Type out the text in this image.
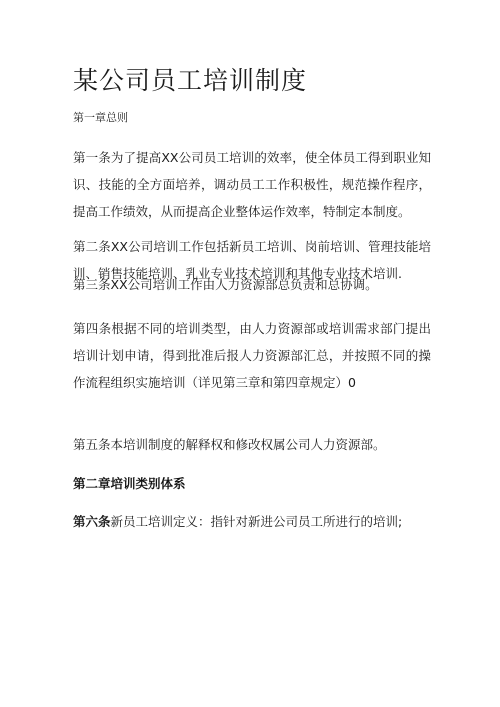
某公司员工培训制度

第一章总则

第一条为了提高XX公司员工培训的效率，使全体员工得到职业知识、技能的全方面培养，调动员工工作积极性，规范操作程序，提高工作绩效，从而提高企业整体运作效率，特制定本制度。

第二条XX公司培训工作包括新员工培训、岗前培训、管理技能培训、销售技能培训、乳业专业技术培训和其他专业技术培训.

第三条XX公司培训工作由人力资源部总负责和总协调。

第四条根据不同的培训类型，由人力资源部或培训需求部门提出培训计划申请，得到批准后报人力资源部汇总，并按照不同的操作流程组织实施培训（详见第三章和第四章规定）0

第五条本培训制度的解释权和修改权属公司人力资源部。

第二章培训类别体系

第六条新员工培训定义：指针对新进公司员工所进行的培训;
